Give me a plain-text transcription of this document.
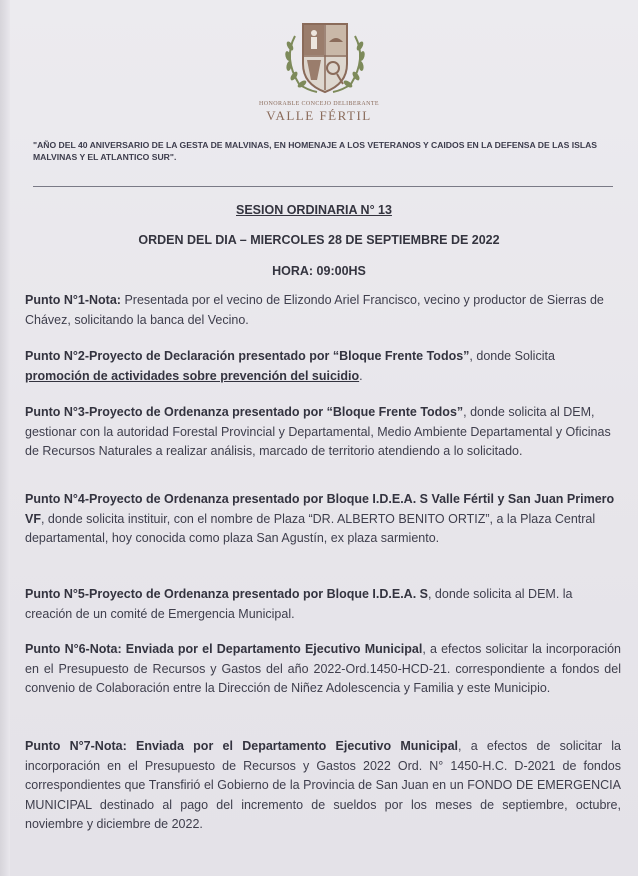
HONORABLE CONCEJO DELIBERANTE
VALLE FÉRTIL
"AÑO DEL 40 ANIVERSARIO DE LA GESTA DE MALVINAS, EN HOMENAJE A LOS VETERANOS Y CAIDOS EN LA DEFENSA DE LAS ISLAS MALVINAS Y EL ATLANTICO SUR".
SESION ORDINARIA N° 13
ORDEN DEL DIA – MIERCOLES 28 DE SEPTIEMBRE DE 2022
HORA: 09:00HS
Punto N°1-Nota: Presentada por el vecino de Elizondo Ariel Francisco, vecino y productor de Sierras de Chávez, solicitando la banca del Vecino.
Punto N°2-Proyecto de Declaración presentado por “Bloque Frente Todos”, donde Solicita promoción de actividades sobre prevención del suicidio.
Punto N°3-Proyecto de Ordenanza presentado por “Bloque Frente Todos”, donde solicita al DEM, gestionar con la autoridad Forestal Provincial y Departamental, Medio Ambiente Departamental y Oficinas de Recursos Naturales a realizar análisis, marcado de territorio atendiendo a lo solicitado.
Punto N°4-Proyecto de Ordenanza presentado por Bloque I.D.E.A. S Valle Fértil y San Juan Primero VF, donde solicita instituir, con el nombre de Plaza “DR. ALBERTO BENITO ORTIZ”, a la Plaza Central departamental, hoy conocida como plaza San Agustín, ex plaza sarmiento.
Punto N°5-Proyecto de Ordenanza presentado por Bloque I.D.E.A. S, donde solicita al DEM. la creación de un comité de Emergencia Municipal.
Punto N°6-Nota: Enviada por el Departamento Ejecutivo Municipal, a efectos solicitar la incorporación en el Presupuesto de Recursos y Gastos del año 2022-Ord.1450-HCD-21. correspondiente a fondos del convenio de Colaboración entre la Dirección de Niñez Adolescencia y Familia y este Municipio.
Punto N°7-Nota: Enviada por el Departamento Ejecutivo Municipal, a efectos de solicitar la incorporación en el Presupuesto de Recursos y Gastos 2022 Ord. N° 1450-H.C. D-2021 de fondos correspondientes que Transfirió el Gobierno de la Provincia de San Juan en un FONDO DE EMERGENCIA MUNICIPAL destinado al pago del incremento de sueldos por los meses de septiembre, octubre, noviembre y diciembre de 2022.
